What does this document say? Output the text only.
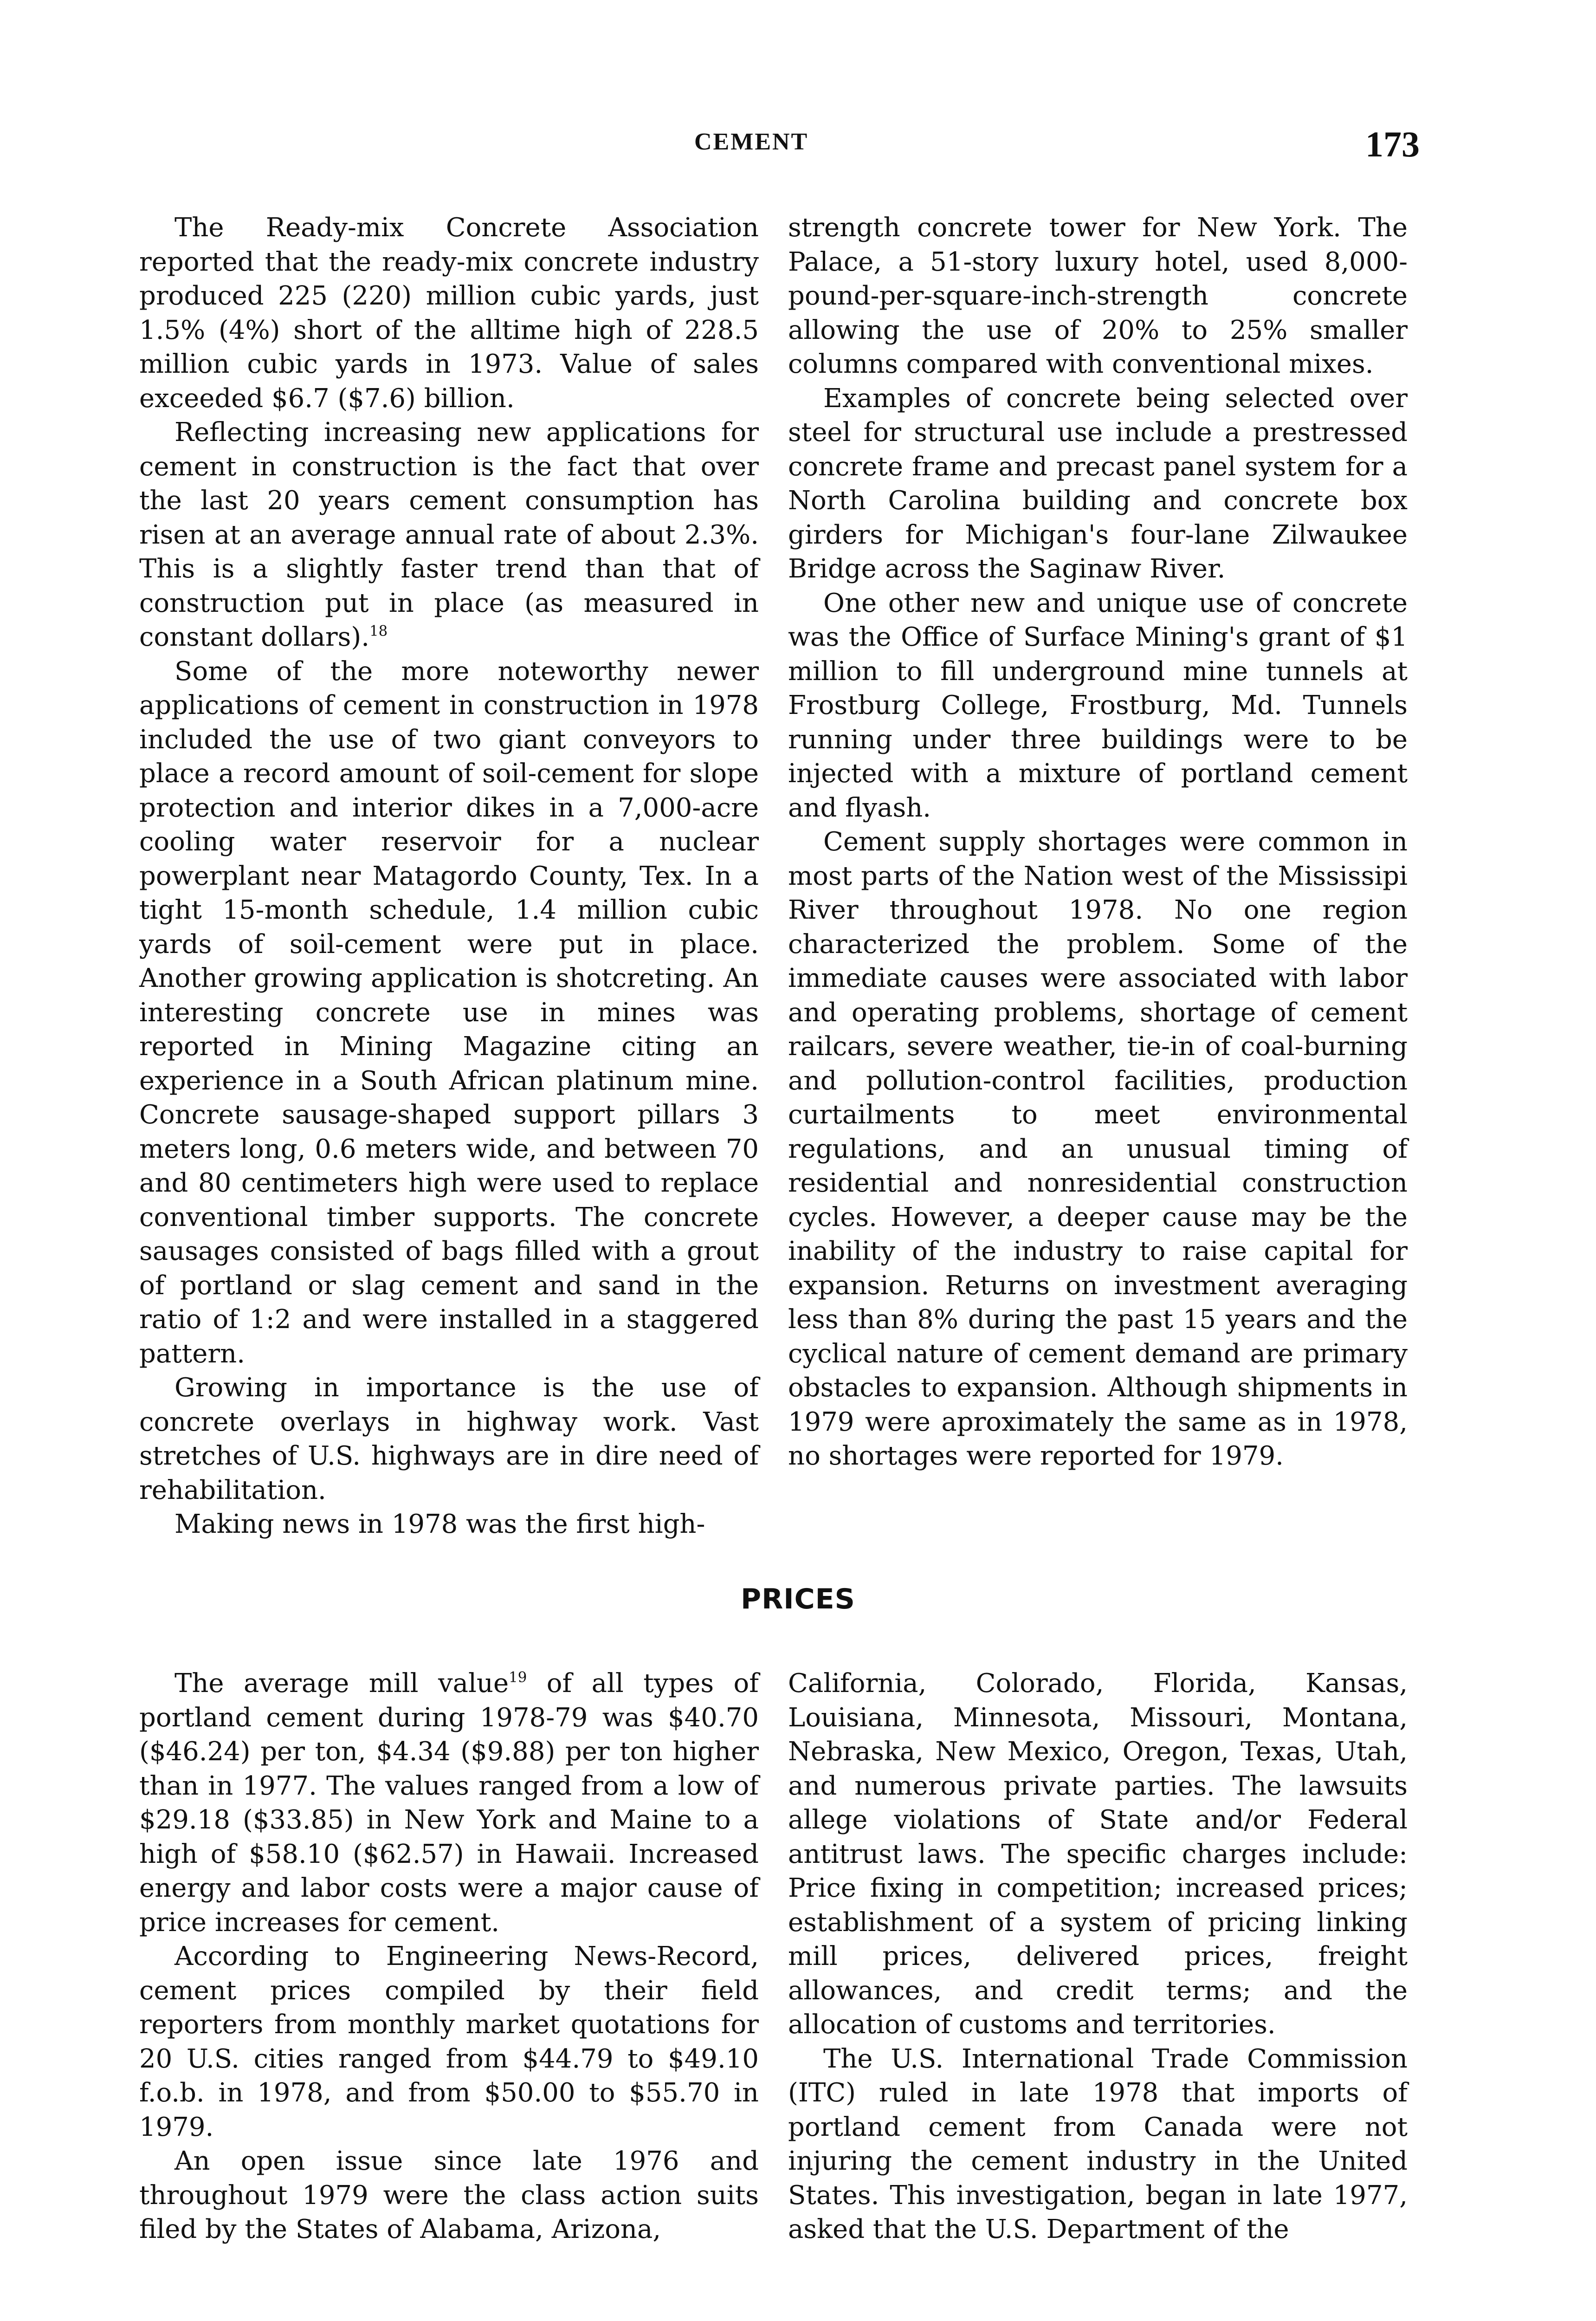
CEMENT	173

The Ready-mix Concrete Association reported that the ready-mix concrete industry produced 225 (220) million cubic yards, just 1.5% (4%) short of the alltime high of 228.5 million cubic yards in 1973. Value of sales exceeded $6.7 ($7.6) billion.

Reflecting increasing new applications for cement in construction is the fact that over the last 20 years cement consumption has risen at an average annual rate of about 2.3%. This is a slightly faster trend than that of construction put in place (as measured in constant dollars).$^{18}$

Some of the more noteworthy newer applications of cement in construction in 1978 included the use of two giant conveyors to place a record amount of soil-cement for slope protection and interior dikes in a 7,000-acre cooling water reservoir for a nuclear powerplant near Matagordo County, Tex. In a tight 15-month schedule, 1.4 million cubic yards of soil-cement were put in place. Another growing application is shotcreting. An interesting concrete use in mines was reported in Mining Magazine citing an experience in a South African platinum mine. Concrete sausage-shaped support pillars 3 meters long, 0.6 meters wide, and between 70 and 80 centimeters high were used to replace conventional timber supports. The concrete sausages consisted of bags filled with a grout of portland or slag cement and sand in the ratio of 1:2 and were installed in a staggered pattern.

Growing in importance is the use of concrete overlays in highway work. Vast stretches of U.S. highways are in dire need of rehabilitation.

Making news in 1978 was the first high-

strength concrete tower for New York. The Palace, a 51-story luxury hotel, used 8,000-pound-per-square-inch-strength concrete allowing the use of 20% to 25% smaller columns compared with conventional mixes.

Examples of concrete being selected over steel for structural use include a prestressed concrete frame and precast panel system for a North Carolina building and concrete box girders for Michigan's four-lane Zilwaukee Bridge across the Saginaw River.

One other new and unique use of concrete was the Office of Surface Mining's grant of $1 million to fill underground mine tunnels at Frostburg College, Frostburg, Md. Tunnels running under three buildings were to be injected with a mixture of portland cement and flyash.

Cement supply shortages were common in most parts of the Nation west of the Mississipi River throughout 1978. No one region characterized the problem. Some of the immediate causes were associated with labor and operating problems, shortage of cement railcars, severe weather, tie-in of coal-burning and pollution-control facilities, production curtailments to meet environmental regulations, and an unusual timing of residential and nonresidential construction cycles. However, a deeper cause may be the inability of the industry to raise capital for expansion. Returns on investment averaging less than 8% during the past 15 years and the cyclical nature of cement demand are primary obstacles to expansion. Although shipments in 1979 were aproximately the same as in 1978, no shortages were reported for 1979.

PRICES

The average mill value$^{19}$ of all types of portland cement during 1978-79 was $40.70 ($46.24) per ton, $4.34 ($9.88) per ton higher than in 1977. The values ranged from a low of $29.18 ($33.85) in New York and Maine to a high of $58.10 ($62.57) in Hawaii. Increased energy and labor costs were a major cause of price increases for cement.

According to Engineering News-Record, cement prices compiled by their field reporters from monthly market quotations for 20 U.S. cities ranged from $44.79 to $49.10 f.o.b. in 1978, and from $50.00 to $55.70 in 1979.

An open issue since late 1976 and throughout 1979 were the class action suits filed by the States of Alabama, Arizona,

California, Colorado, Florida, Kansas, Louisiana, Minnesota, Missouri, Montana, Nebraska, New Mexico, Oregon, Texas, Utah, and numerous private parties. The lawsuits allege violations of State and/or Federal antitrust laws. The specific charges include: Price fixing in competition; increased prices; establishment of a system of pricing linking mill prices, delivered prices, freight allowances, and credit terms; and the allocation of customs and territories.

The U.S. International Trade Commission (ITC) ruled in late 1978 that imports of portland cement from Canada were not injuring the cement industry in the United States. This investigation, began in late 1977, asked that the U.S. Department of the
